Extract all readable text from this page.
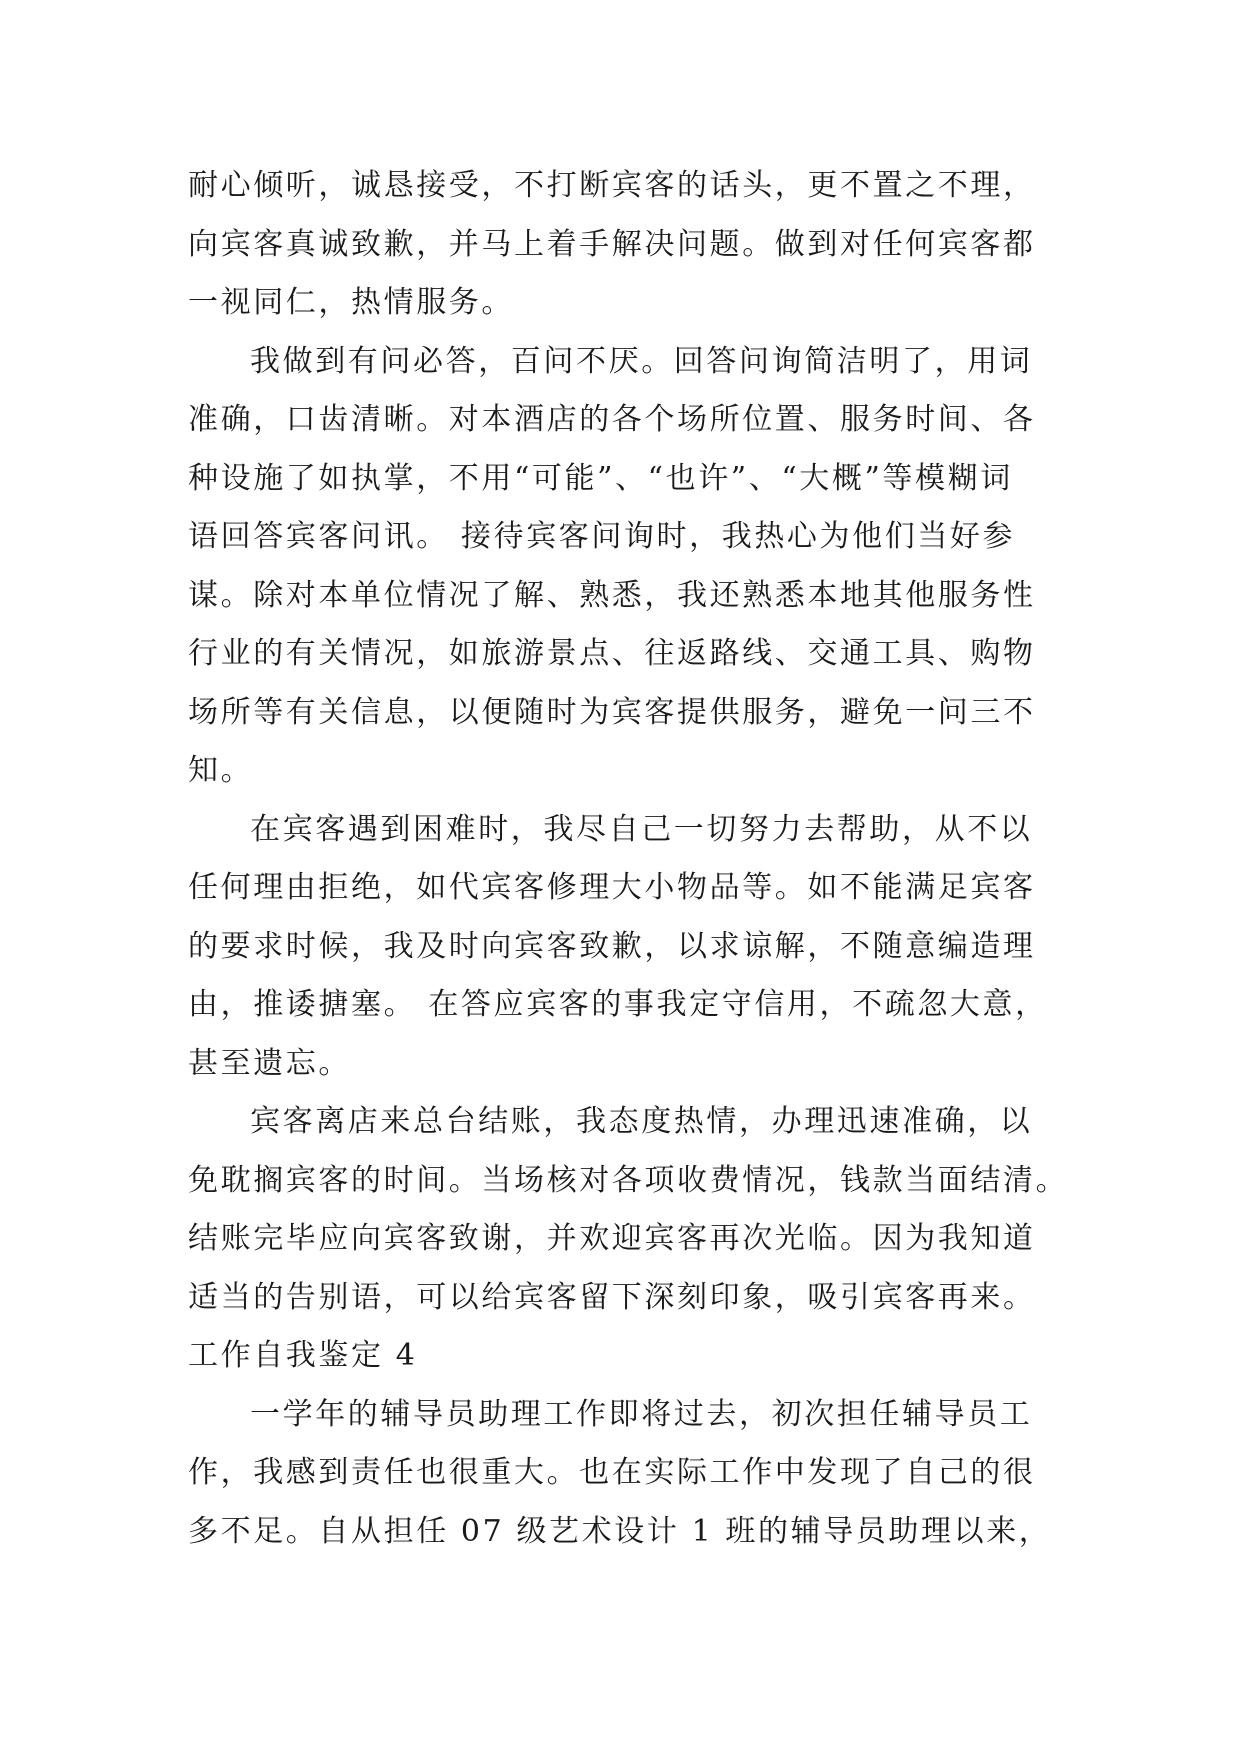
耐心倾听，诚恳接受，不打断宾客的话头，更不置之不理，
向宾客真诚致歉，并马上着手解决问题。做到对任何宾客都
一视同仁，热情服务。
我做到有问必答，百问不厌。回答问询简洁明了，用词
准确，口齿清晰。对本酒店的各个场所位置、服务时间、各
种设施了如执掌，不用“可能”、“也许”、“大概”等模糊词
语回答宾客问讯。 接待宾客问询时，我热心为他们当好参
谋。除对本单位情况了解、熟悉，我还熟悉本地其他服务性
行业的有关情况，如旅游景点、往返路线、交通工具、购物
场所等有关信息，以便随时为宾客提供服务，避免一问三不
知。
在宾客遇到困难时，我尽自己一切努力去帮助，从不以
任何理由拒绝，如代宾客修理大小物品等。如不能满足宾客
的要求时候，我及时向宾客致歉，以求谅解，不随意编造理
由，推诿搪塞。 在答应宾客的事我定守信用，不疏忽大意，
甚至遗忘。
宾客离店来总台结账，我态度热情，办理迅速准确，以
免耽搁宾客的时间。当场核对各项收费情况，钱款当面结清。
结账完毕应向宾客致谢，并欢迎宾客再次光临。因为我知道
适当的告别语，可以给宾客留下深刻印象，吸引宾客再来。
工作自我鉴定 4
一学年的辅导员助理工作即将过去，初次担任辅导员工
作，我感到责任也很重大。也在实际工作中发现了自己的很
多不足。自从担任 07 级艺术设计 1 班的辅导员助理以来，
